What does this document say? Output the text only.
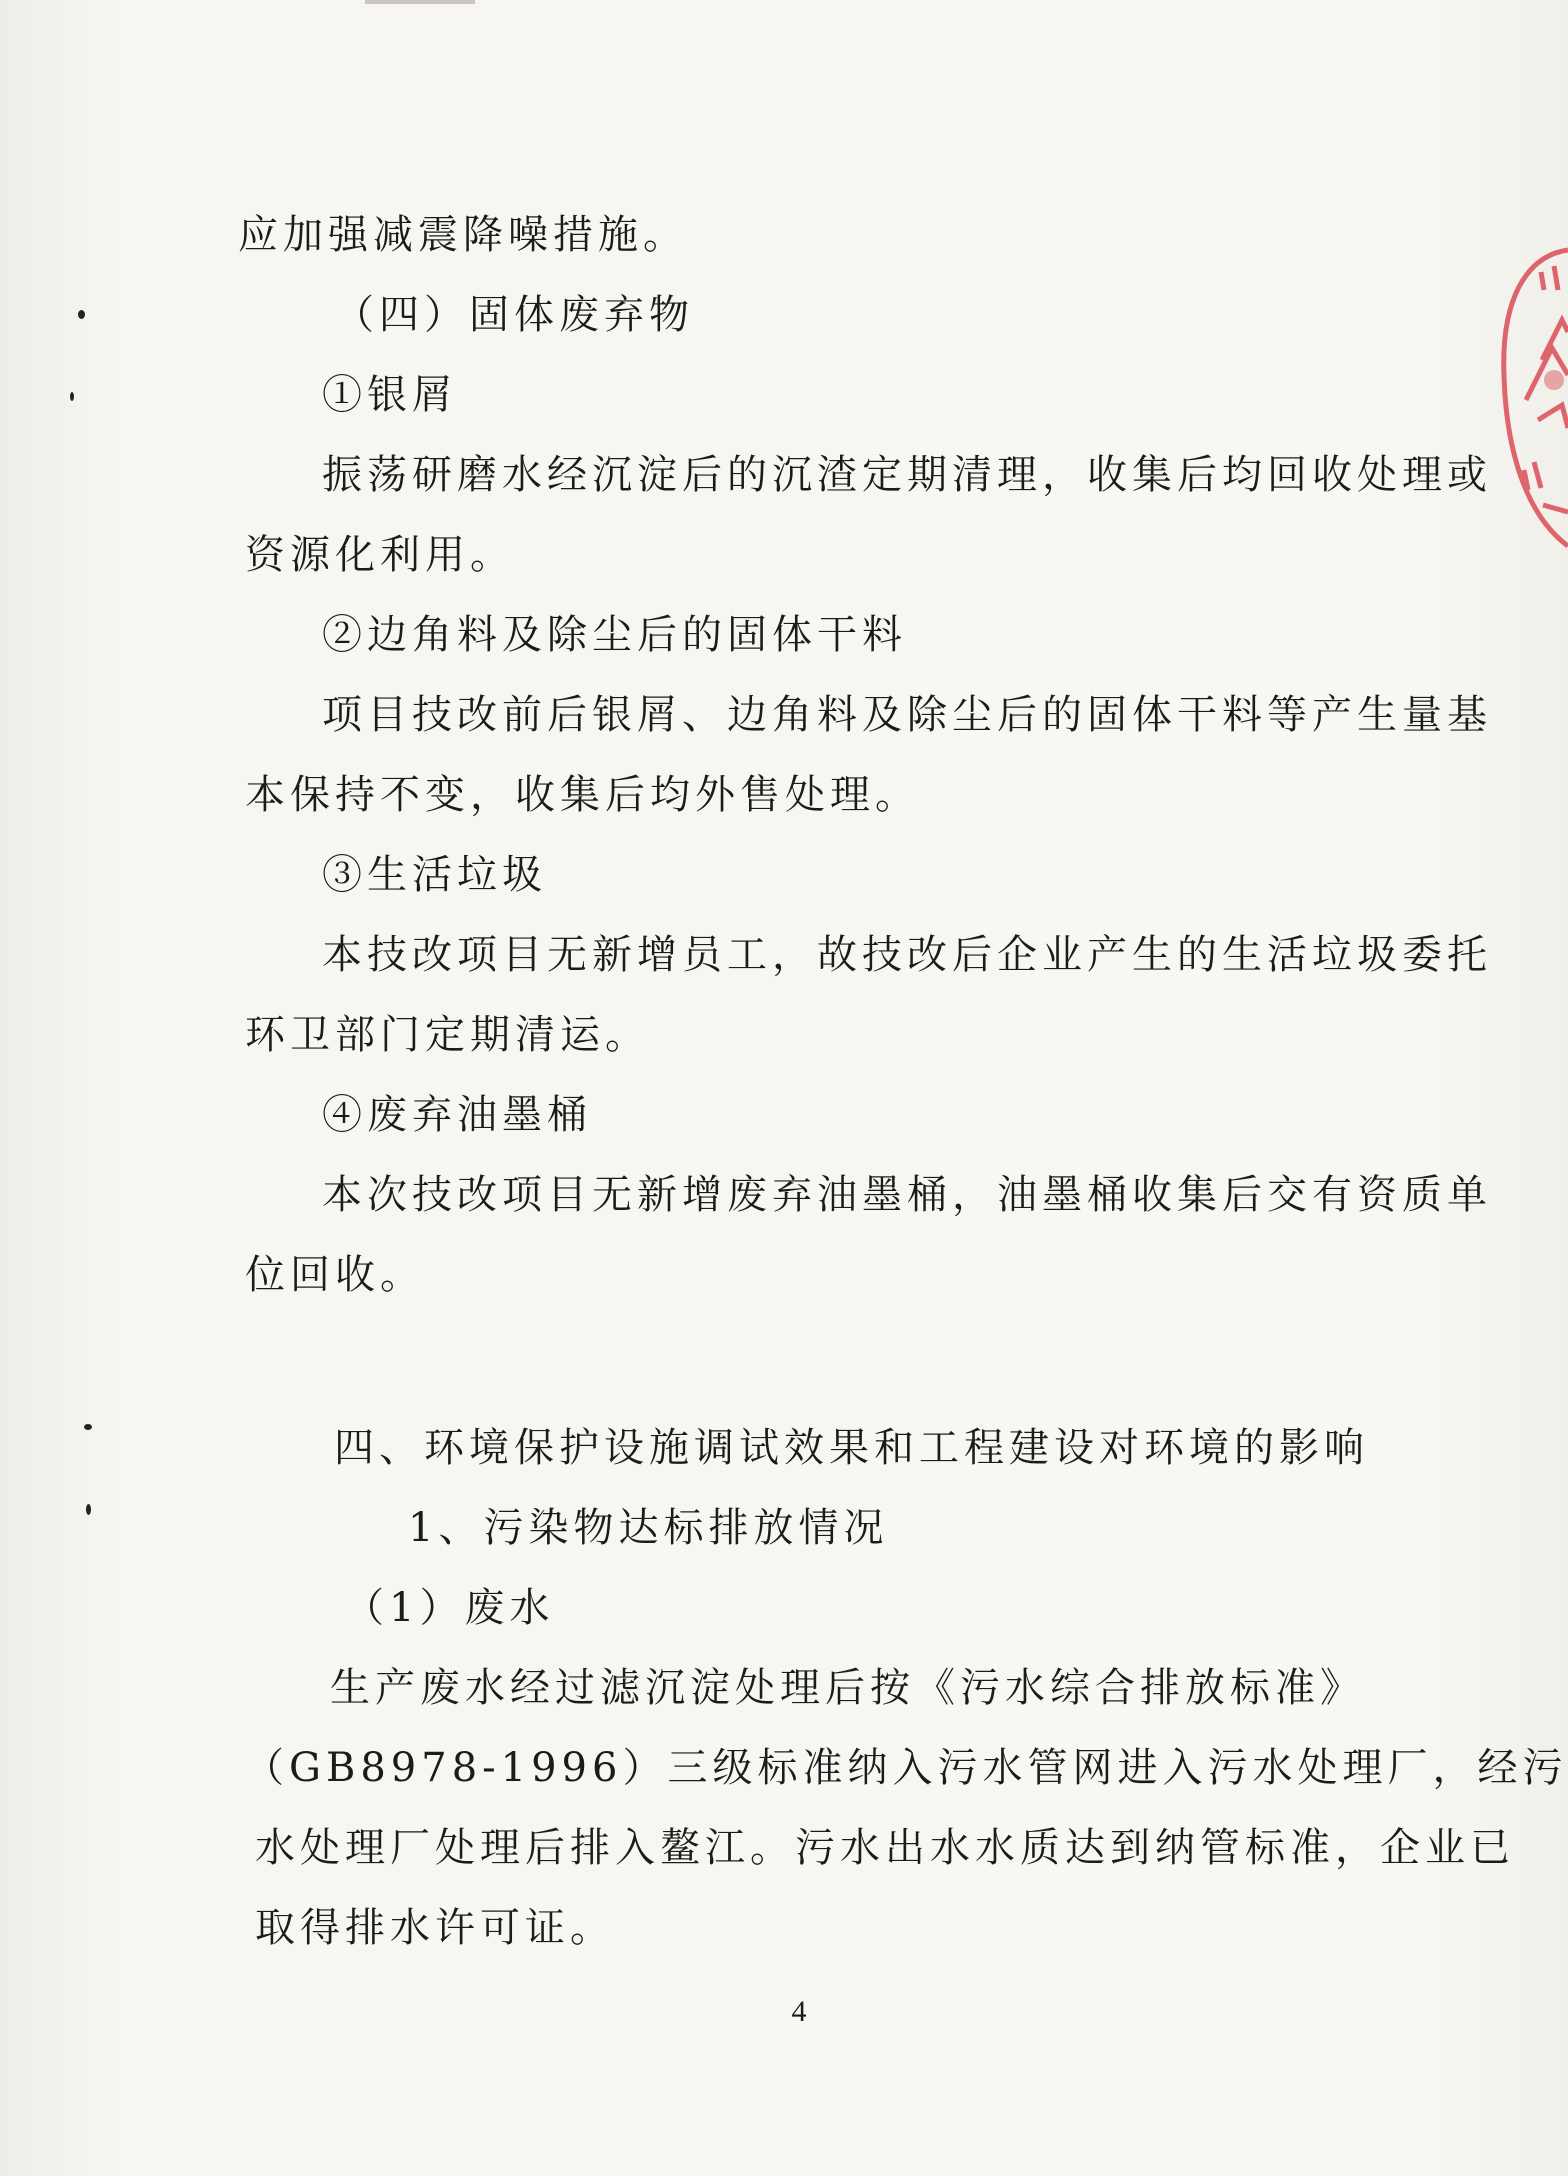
应加强减震降噪措施。
（四）固体废弃物
①银屑
振荡研磨水经沉淀后的沉渣定期清理，收集后均回收处理或
资源化利用。
②边角料及除尘后的固体干料
项目技改前后银屑、边角料及除尘后的固体干料等产生量基
本保持不变，收集后均外售处理。
③生活垃圾
本技改项目无新增员工，故技改后企业产生的生活垃圾委托
环卫部门定期清运。
④废弃油墨桶
本次技改项目无新增废弃油墨桶，油墨桶收集后交有资质单
位回收。
四、环境保护设施调试效果和工程建设对环境的影响
1、污染物达标排放情况
（1）废水
生产废水经过滤沉淀处理后按《污水综合排放标准》
（GB8978-1996）三级标准纳入污水管网进入污水处理厂，经污
水处理厂处理后排入鳌江。污水出水水质达到纳管标准，企业已
取得排水许可证。
4
